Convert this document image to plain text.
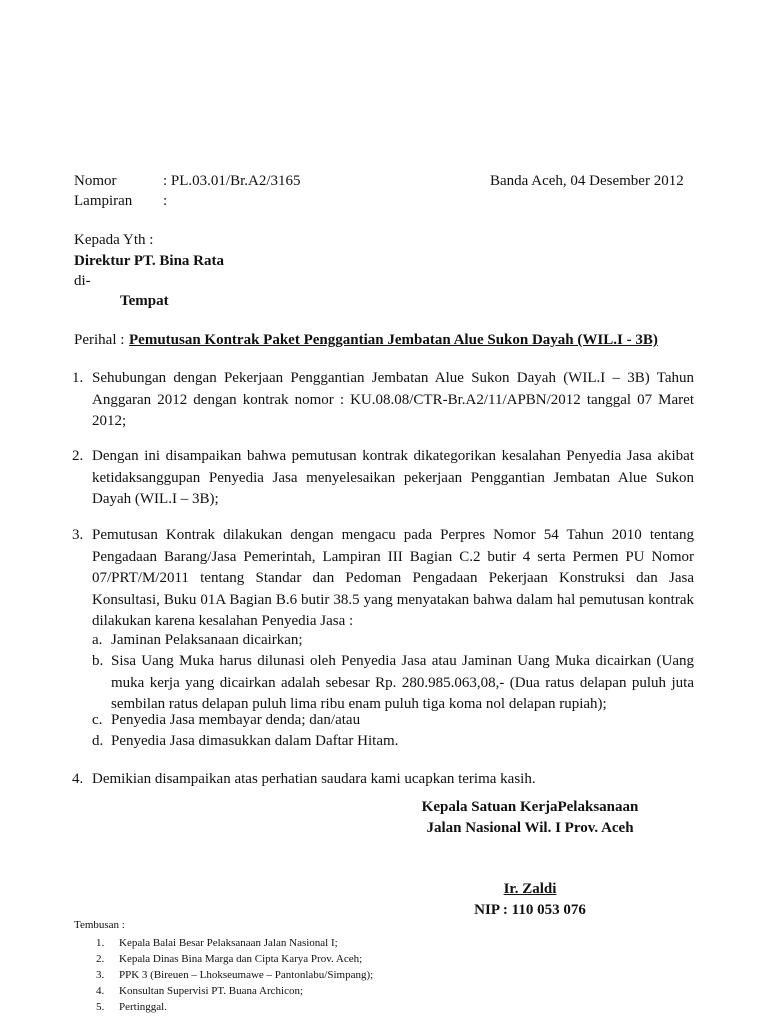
Nomor	: PL.03.01/Br.A2/3165	Banda Aceh, 04 Desember 2012
Lampiran :
Kepada Yth :
Direktur PT. Bina Rata
di-
Tempat
Perihal : Pemutusan Kontrak Paket Penggantian Jembatan Alue Sukon Dayah (WIL.I - 3B)
1. Sehubungan dengan Pekerjaan Penggantian Jembatan Alue Sukon Dayah (WIL.I – 3B) Tahun Anggaran 2012 dengan kontrak nomor : KU.08.08/CTR-Br.A2/11/APBN/2012 tanggal 07 Maret 2012;
2. Dengan ini disampaikan bahwa pemutusan kontrak dikategorikan kesalahan Penyedia Jasa akibat ketidaksanggupan Penyedia Jasa menyelesaikan pekerjaan Penggantian Jembatan Alue Sukon Dayah (WIL.I – 3B);
3. Pemutusan Kontrak dilakukan dengan mengacu pada Perpres Nomor 54 Tahun 2010 tentang Pengadaan Barang/Jasa Pemerintah, Lampiran III Bagian C.2 butir 4 serta Permen PU Nomor 07/PRT/M/2011 tentang Standar dan Pedoman Pengadaan Pekerjaan Konstruksi dan Jasa Konsultasi, Buku 01A Bagian B.6 butir 38.5 yang menyatakan bahwa dalam hal pemutusan kontrak dilakukan karena kesalahan Penyedia Jasa :
a. Jaminan Pelaksanaan dicairkan;
b. Sisa Uang Muka harus dilunasi oleh Penyedia Jasa atau Jaminan Uang Muka dicairkan (Uang muka kerja yang dicairkan adalah sebesar Rp. 280.985.063,08,- (Dua ratus delapan puluh juta sembilan ratus delapan puluh lima ribu enam puluh tiga koma nol delapan rupiah);
c. Penyedia Jasa membayar denda; dan/atau
d. Penyedia Jasa dimasukkan dalam Daftar Hitam.
4. Demikian disampaikan atas perhatian saudara kami ucapkan terima kasih.
Kepala Satuan KerjaPelaksanaan
Jalan Nasional Wil. I Prov. Aceh
Ir. Zaldi
NIP : 110 053 076
Tembusan :
1. Kepala Balai Besar Pelaksanaan Jalan Nasional I;
2. Kepala Dinas Bina Marga dan Cipta Karya Prov. Aceh;
3. PPK 3 (Bireuen – Lhokseumawe – Pantonlabu/Simpang);
4. Konsultan Supervisi PT. Buana Archicon;
5. Pertinggal.
